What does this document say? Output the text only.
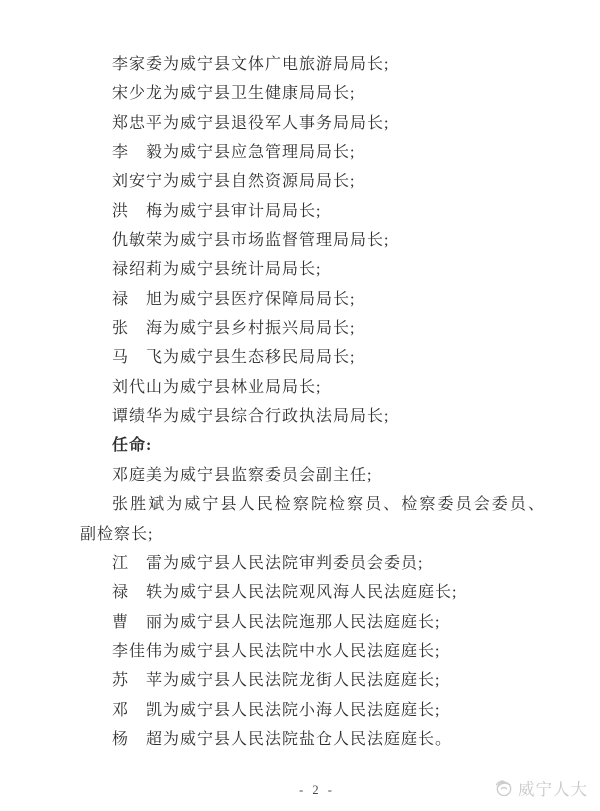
李家委为威宁县文体广电旅游局局长;
宋少龙为威宁县卫生健康局局长;
郑忠平为威宁县退役军人事务局局长;
李　毅为威宁县应急管理局局长;
刘安宁为威宁县自然资源局局长;
洪　梅为威宁县审计局局长;
仇敏荣为威宁县市场监督管理局局长;
禄绍莉为威宁县统计局局长;
禄　旭为威宁县医疗保障局局长;
张　海为威宁县乡村振兴局局长;
马　飞为威宁县生态移民局局长;
刘代山为威宁县林业局局长;
谭绩华为威宁县综合行政执法局局长;
任命:
邓庭美为威宁县监察委员会副主任;
张胜斌为威宁县人民检察院检察员、检察委员会委员、
副检察长;
江　雷为威宁县人民法院审判委员会委员;
禄　轶为威宁县人民法院观风海人民法庭庭长;
曹　丽为威宁县人民法院迤那人民法庭庭长;
李佳伟为威宁县人民法院中水人民法庭庭长;
苏　苹为威宁县人民法院龙街人民法庭庭长;
邓　凯为威宁县人民法院小海人民法庭庭长;
杨　超为威宁县人民法院盐仓人民法庭庭长。
- 2 -	威宁人大
